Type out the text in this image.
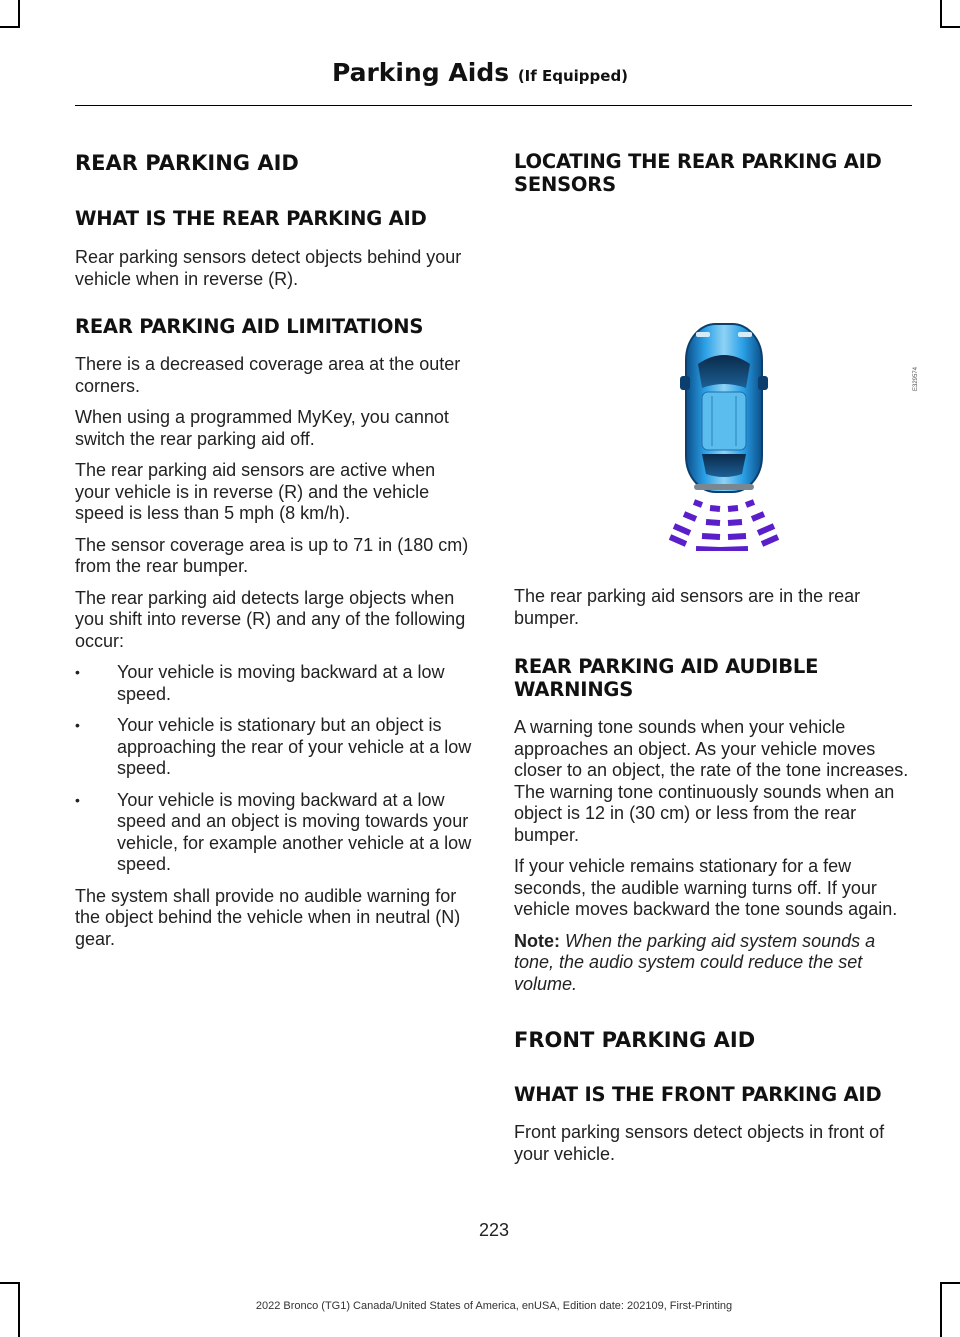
Parking Aids (If Equipped)
REAR PARKING AID
WHAT IS THE REAR PARKING AID

Rear parking sensors detect objects behind your vehicle when in reverse (R).

REAR PARKING AID LIMITATIONS

There is a decreased coverage area at the outer corners.

When using a programmed MyKey, you cannot switch the rear parking aid off.

The rear parking aid sensors are active when your vehicle is in reverse (R) and the vehicle speed is less than 5 mph (8 km/h).

The sensor coverage area is up to 71 in (180 cm) from the rear bumper.

The rear parking aid detects large objects when you shift into reverse (R) and any of the following occur:

• Your vehicle is moving backward at a low speed.
• Your vehicle is stationary but an object is approaching the rear of your vehicle at a low speed.
• Your vehicle is moving backward at a low speed and an object is moving towards your vehicle, for example another vehicle at a low speed.

The system shall provide no audible warning for the object behind the vehicle when in neutral (N) gear.

LOCATING THE REAR PARKING AID SENSORS
E329574

The rear parking aid sensors are in the rear bumper.

REAR PARKING AID AUDIBLE WARNINGS

A warning tone sounds when your vehicle approaches an object. As your vehicle moves closer to an object, the rate of the tone increases. The warning tone continuously sounds when an object is 12 in (30 cm) or less from the rear bumper.

If your vehicle remains stationary for a few seconds, the audible warning turns off. If your vehicle moves backward the tone sounds again.

Note: When the parking aid system sounds a tone, the audio system could reduce the set volume.

FRONT PARKING AID
WHAT IS THE FRONT PARKING AID

Front parking sensors detect objects in front of your vehicle.

223
2022 Bronco (TG1) Canada/United States of America, enUSA, Edition date: 202109, First-Printing
